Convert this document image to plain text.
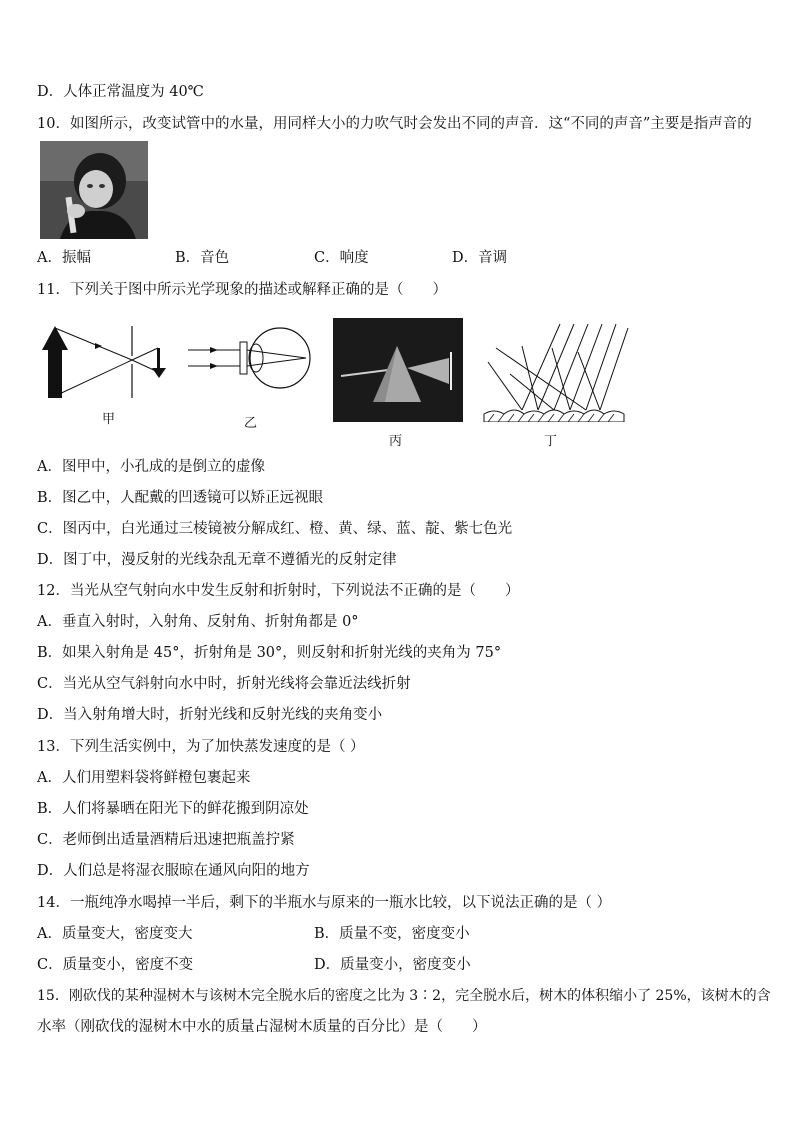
D．人体正常温度为 40℃
10．如图所示，改变试管中的水量，用同样大小的力吹气时会发出不同的声音．这“不同的声音”主要是指声音的
A．振幅	B．音色	C．响度	D．音调
11．下列关于图中所示光学现象的描述或解释正确的是（　　）
甲	乙
丙	丁
A．图甲中，小孔成的是倒立的虚像
B．图乙中，人配戴的凹透镜可以矫正远视眼
C．图丙中，白光通过三棱镜被分解成红、橙、黄、绿、蓝、靛、紫七色光
D．图丁中，漫反射的光线杂乱无章不遵循光的反射定律
12．当光从空气射向水中发生反射和折射时，下列说法不正确的是（　　）
A．垂直入射时，入射角、反射角、折射角都是 0°
B．如果入射角是 45°，折射角是 30°，则反射和折射光线的夹角为 75°
C．当光从空气斜射向水中时，折射光线将会靠近法线折射
D．当入射角增大时，折射光线和反射光线的夹角变小
13．下列生活实例中，为了加快蒸发速度的是（ ）
A．人们用塑料袋将鲜橙包裹起来
B．人们将暴晒在阳光下的鲜花搬到阴凉处
C．老师倒出适量酒精后迅速把瓶盖拧紧
D．人们总是将湿衣服晾在通风向阳的地方
14．一瓶纯净水喝掉一半后，剩下的半瓶水与原来的一瓶水比较，以下说法正确的是（ ）
A．质量变大，密度变大	B．质量不变，密度变小
C．质量变小，密度不变	D．质量变小，密度变小
15．刚砍伐的某种湿树木与该树木完全脱水后的密度之比为 3∶2，完全脱水后，树木的体积缩小了 25%，该树木的含
水率（刚砍伐的湿树木中水的质量占湿树木质量的百分比）是（　　）
